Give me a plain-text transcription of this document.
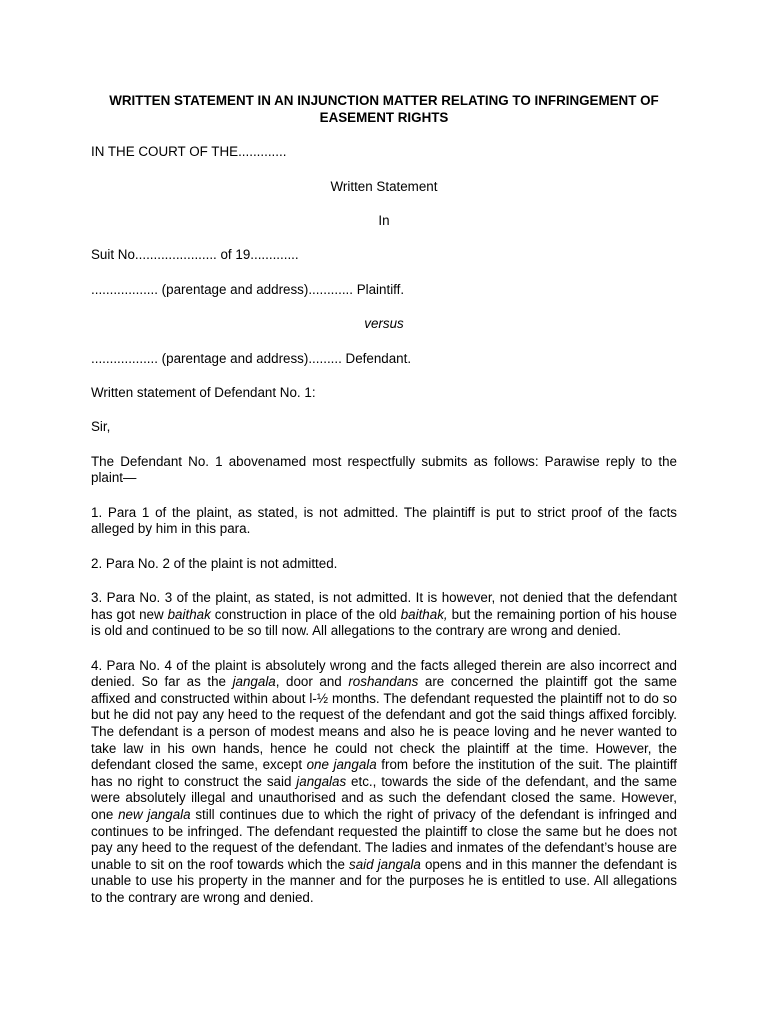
WRITTEN STATEMENT IN AN INJUNCTION MATTER RELATING TO INFRINGEMENT OF
EASEMENT RIGHTS

IN THE COURT OF THE.............

Written Statement

In

Suit No...................... of 19.............

.................. (parentage and address)............ Plaintiff.

versus

.................. (parentage and address)......... Defendant.

Written statement of Defendant No. 1:

Sir,

The Defendant No. 1 abovenamed most respectfully submits as follows: Parawise reply to the plaint—

1. Para 1 of the plaint, as stated, is not admitted. The plaintiff is put to strict proof of the facts alleged by him in this para.

2. Para No. 2 of the plaint is not admitted.

3. Para No. 3 of the plaint, as stated, is not admitted. It is however, not denied that the defendant has got new baithak construction in place of the old baithak, but the remaining portion of his house is old and continued to be so till now. All allegations to the contrary are wrong and denied.

4. Para No. 4 of the plaint is absolutely wrong and the facts alleged therein are also incorrect and denied. So far as the jangala, door and roshandans are concerned the plaintiff got the same affixed and constructed within about l-½ months. The defendant requested the plaintiff not to do so but he did not pay any heed to the request of the defendant and got the said things affixed forcibly. The defendant is a person of modest means and also he is peace loving and he never wanted to take law in his own hands, hence he could not check the plaintiff at the time. However, the defendant closed the same, except one jangala from before the institution of the suit. The plaintiff has no right to construct the said jangalas etc., towards the side of the defendant, and the same were absolutely illegal and unauthorised and as such the defendant closed the same. However, one new jangala still continues due to which the right of privacy of the defendant is infringed and continues to be infringed. The defendant requested the plaintiff to close the same but he does not pay any heed to the request of the defendant. The ladies and inmates of the defendant’s house are unable to sit on the roof towards which the said jangala opens and in this manner the defendant is unable to use his property in the manner and for the purposes he is entitled to use. All allegations to the contrary are wrong and denied.
